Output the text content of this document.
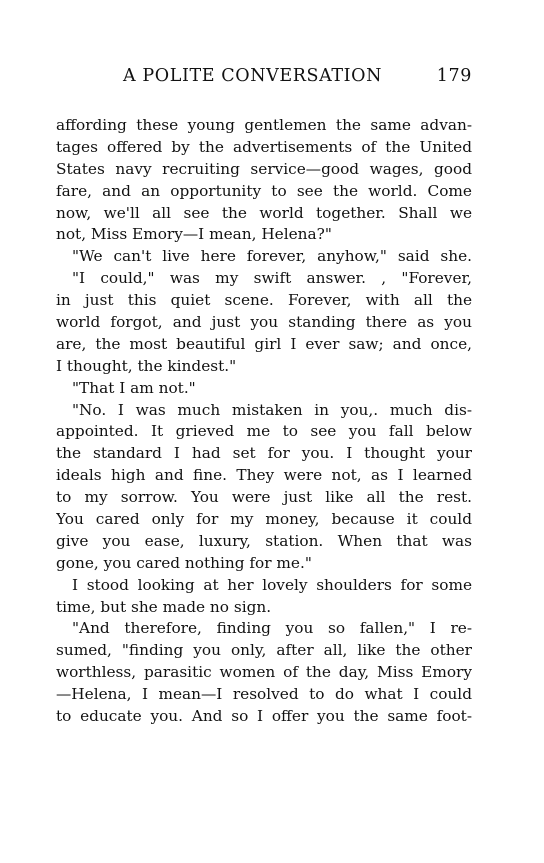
A POLITE CONVERSATION	179
affording these young gentlemen the same advan-
tages offered by the advertisements of the United
States navy recruiting service—good wages, good
fare, and an opportunity to see the world. Come
now, we'll all see the world together. Shall we
not, Miss Emory—I mean, Helena?"
"We can't live here forever, anyhow," said she.
"I could," was my swift answer. , "Forever,
in just this quiet scene. Forever, with all the
world forgot, and just you standing there as you
are, the most beautiful girl I ever saw; and once,
I thought, the kindest."
"That I am not."
"No. I was much mistaken in you,. much dis-
appointed. It grieved me to see you fall below
the standard I had set for you. I thought your
ideals high and fine. They were not, as I learned
to my sorrow. You were just like all the rest.
You cared only for my money, because it could
give you ease, luxury, station. When that was
gone, you cared nothing for me."
I stood looking at her lovely shoulders for some
time, but she made no sign.
"And therefore, finding you so fallen," I re-
sumed, "finding you only, after all, like the other
worthless, parasitic women of the day, Miss Emory
—Helena, I mean—I resolved to do what I could
to educate you. And so I offer you the same foot-
